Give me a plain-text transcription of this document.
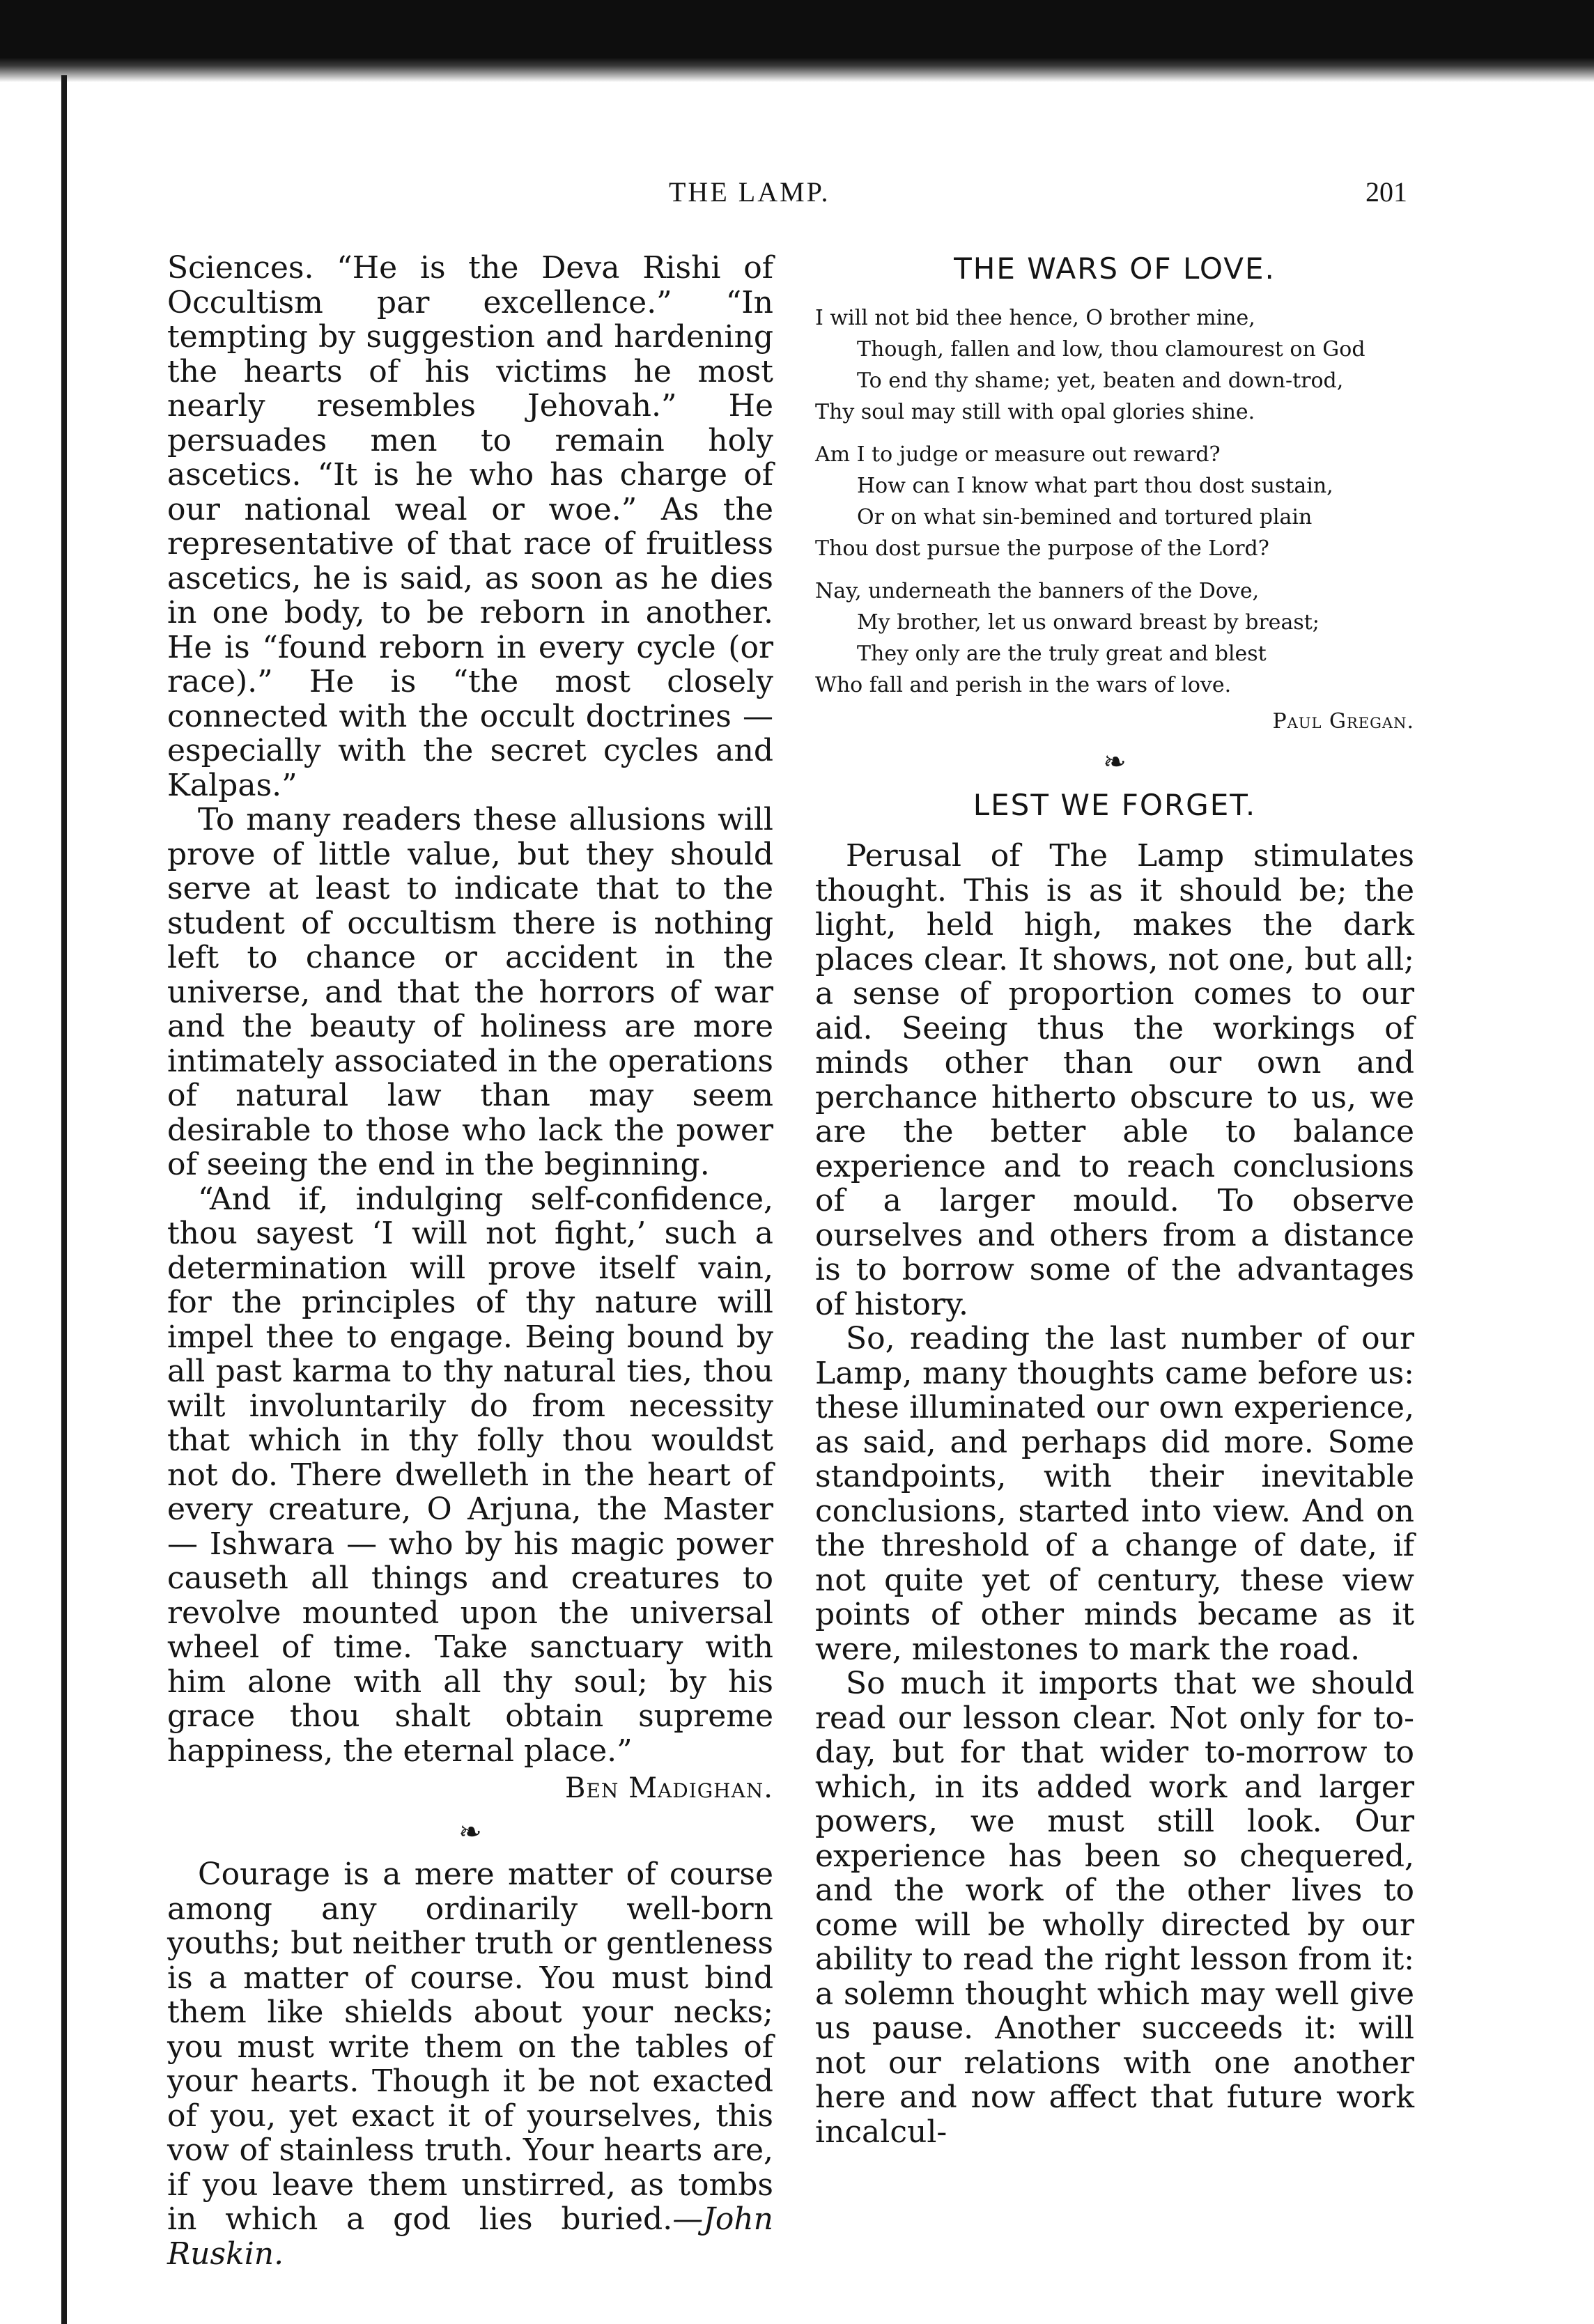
THE LAMP.	201

Sciences. “He is the Deva Rishi of Occultism par excellence.” “In tempting by suggestion and hardening the hearts of his victims he most nearly resembles Jehovah.” He persuades men to remain holy ascetics. “It is he who has charge of our national weal or woe.” As the representative of that race of fruitless ascetics, he is said, as soon as he dies in one body, to be reborn in another. He is “found reborn in every cycle (or race).” He is “the most closely connected with the occult doctrines — especially with the secret cycles and Kalpas.”

To many readers these allusions will prove of little value, but they should serve at least to indicate that to the student of occultism there is nothing left to chance or accident in the universe, and that the horrors of war and the beauty of holiness are more intimately associated in the operations of natural law than may seem desirable to those who lack the power of seeing the end in the beginning.

“And if, indulging self-confidence, thou sayest ‘I will not fight,’ such a determination will prove itself vain, for the principles of thy nature will impel thee to engage. Being bound by all past karma to thy natural ties, thou wilt involuntarily do from necessity that which in thy folly thou wouldst not do. There dwelleth in the heart of every creature, O Arjuna, the Master — Ishwara — who by his magic power causeth all things and creatures to revolve mounted upon the universal wheel of time. Take sanctuary with him alone with all thy soul; by his grace thou shalt obtain supreme happiness, the eternal place.”

Ben Madighan.
❧

Courage is a mere matter of course among any ordinarily well-born youths; but neither truth or gentleness is a matter of course. You must bind them like shields about your necks; you must write them on the tables of your hearts. Though it be not exacted of you, yet exact it of yourselves, this vow of stainless truth. Your hearts are, if you leave them unstirred, as tombs in which a god lies buried.—John Ruskin.

THE WARS OF LOVE.
I will not bid thee hence, O brother mine,
Though, fallen and low, thou clamourest on God
To end thy shame; yet, beaten and down-trod,
Thy soul may still with opal glories shine.
Am I to judge or measure out reward?
How can I know what part thou dost sustain,
Or on what sin-bemined and tortured plain
Thou dost pursue the purpose of the Lord?
Nay, underneath the banners of the Dove,
My brother, let us onward breast by breast;
They only are the truly great and blest
Who fall and perish in the wars of love.
Paul Gregan.
❧
LEST WE FORGET.

Perusal of The Lamp stimulates thought. This is as it should be; the light, held high, makes the dark places clear. It shows, not one, but all; a sense of proportion comes to our aid. Seeing thus the workings of minds other than our own and perchance hitherto obscure to us, we are the better able to balance experience and to reach conclusions of a larger mould. To observe ourselves and others from a distance is to borrow some of the advantages of history.

So, reading the last number of our Lamp, many thoughts came before us: these illuminated our own experience, as said, and perhaps did more. Some standpoints, with their inevitable conclusions, started into view. And on the threshold of a change of date, if not quite yet of century, these view points of other minds became as it were, milestones to mark the road.

So much it imports that we should read our lesson clear. Not only for to-day, but for that wider to-morrow to which, in its added work and larger powers, we must still look. Our experience has been so chequered, and the work of the other lives to come will be wholly directed by our ability to read the right lesson from it: a solemn thought which may well give us pause. Another succeeds it: will not our relations with one another here and now affect that future work incalcul-
